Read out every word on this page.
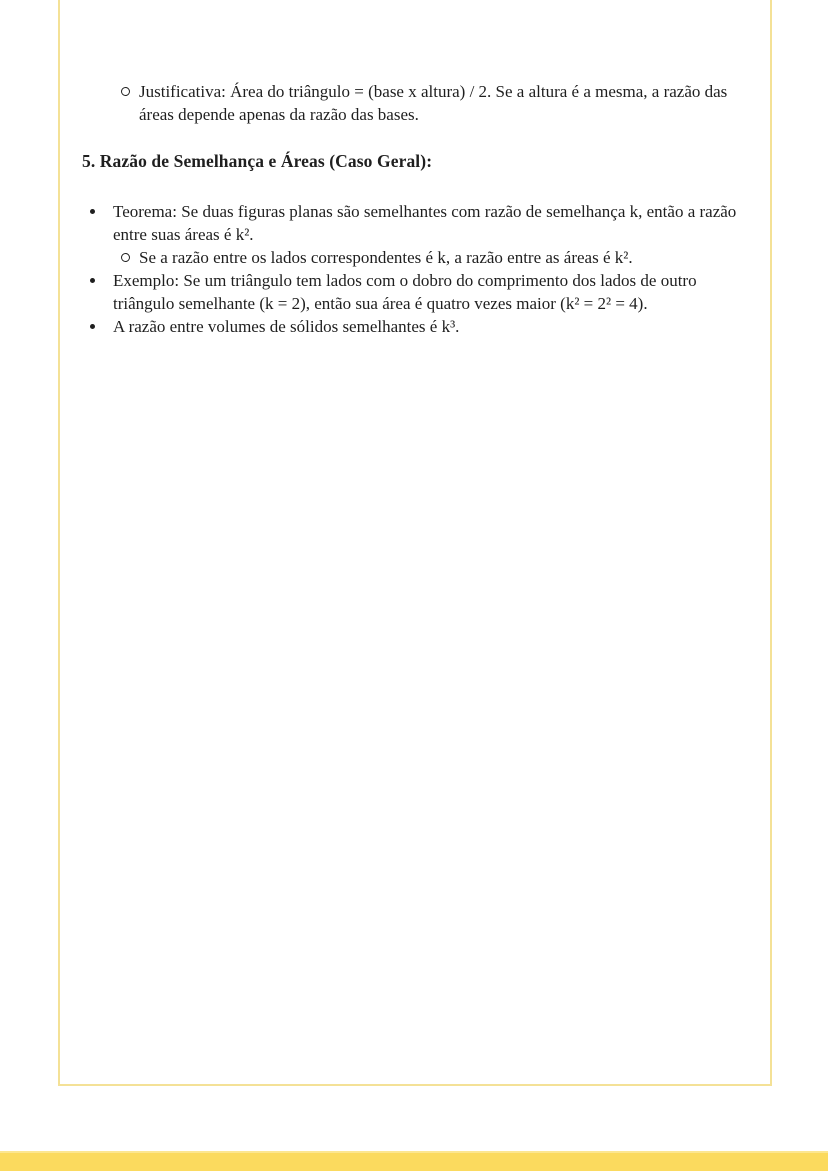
Justificativa: Área do triângulo = (base x altura) / 2. Se a altura é a mesma, a razão das áreas depende apenas da razão das bases.
5. Razão de Semelhança e Áreas (Caso Geral):
Teorema: Se duas figuras planas são semelhantes com razão de semelhança k, então a razão entre suas áreas é k².
Se a razão entre os lados correspondentes é k, a razão entre as áreas é k².
Exemplo: Se um triângulo tem lados com o dobro do comprimento dos lados de outro triângulo semelhante (k = 2), então sua área é quatro vezes maior (k² = 2² = 4).
A razão entre volumes de sólidos semelhantes é k³.
